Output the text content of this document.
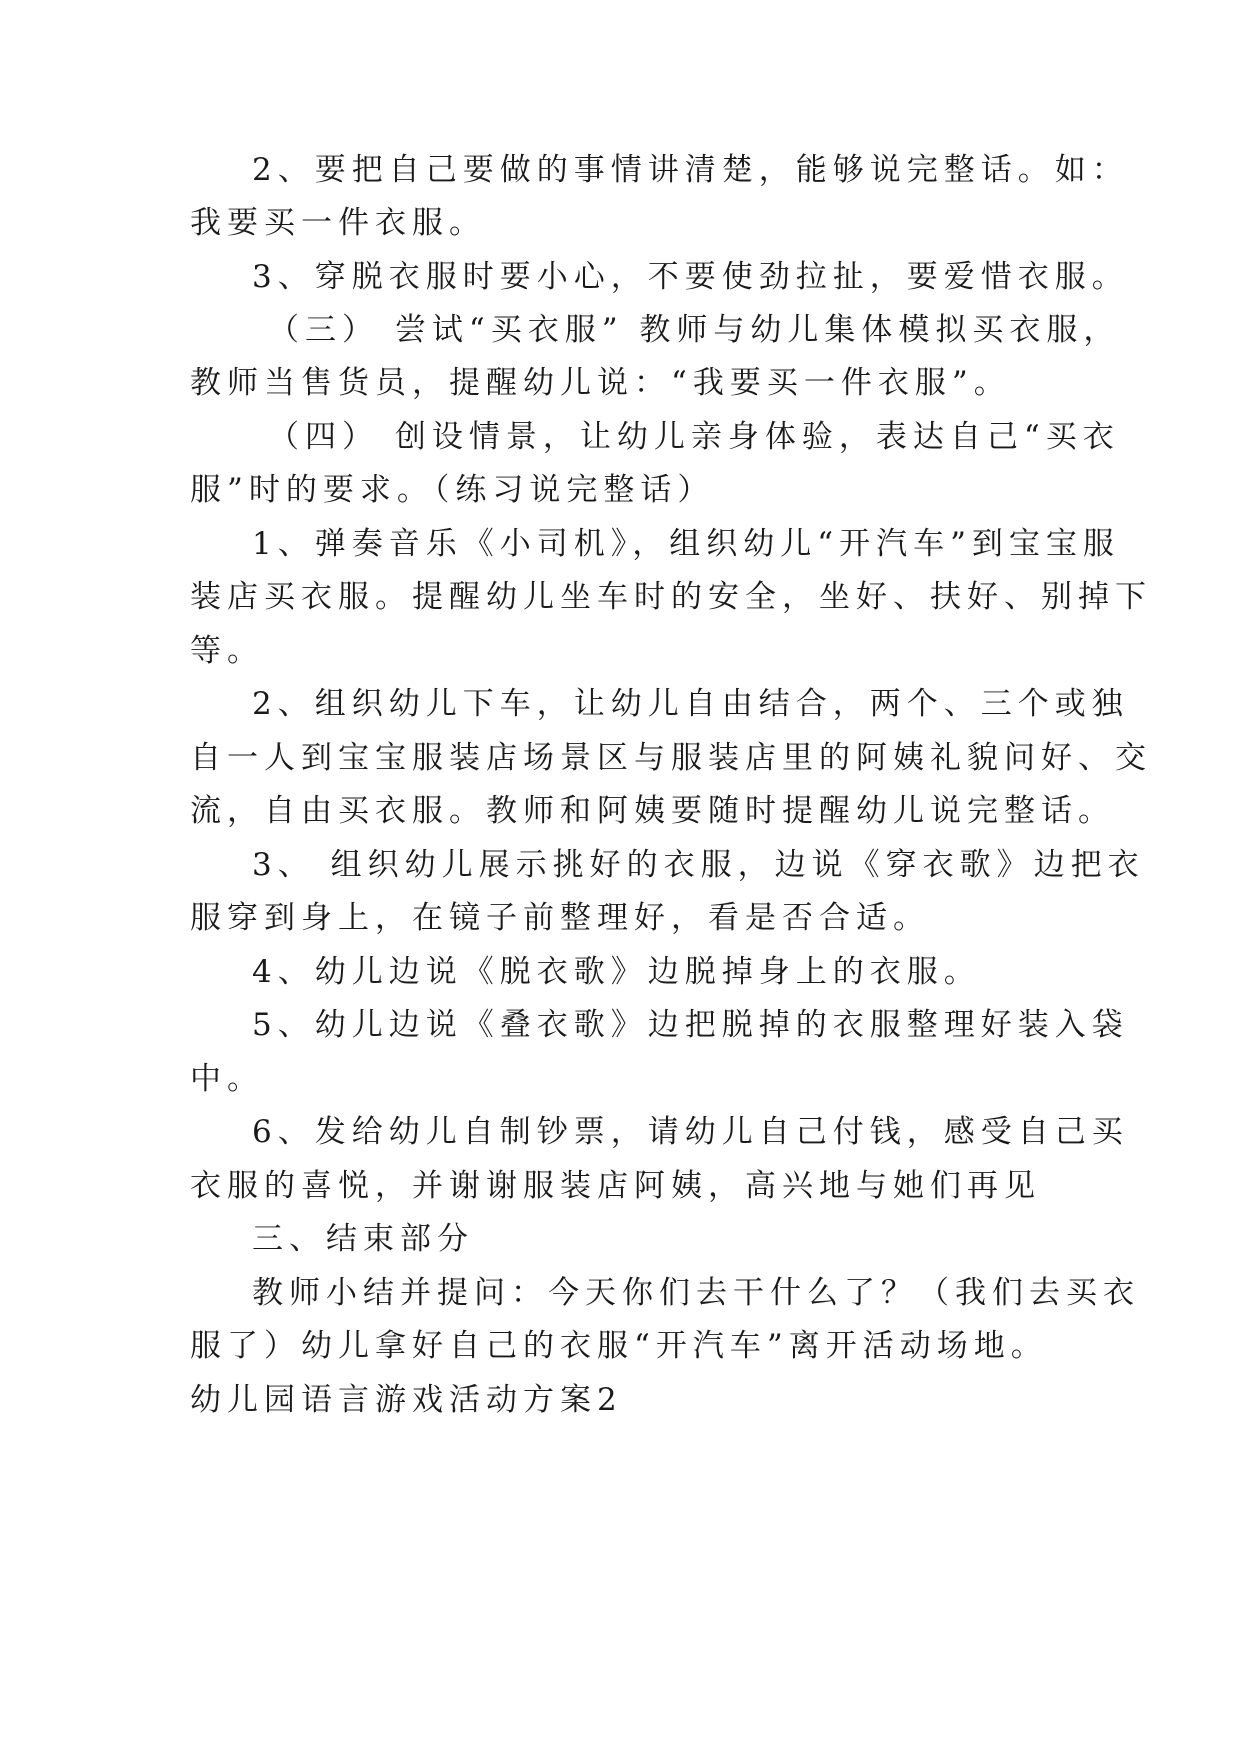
2、要把自己要做的事情讲清楚，能够说完整话。如：
我要买一件衣服。
3、穿脱衣服时要小心，不要使劲拉扯，要爱惜衣服。
（三） 尝试“买衣服” 教师与幼儿集体模拟买衣服，
教师当售货员，提醒幼儿说：“我要买一件衣服”。
（四） 创设情景，让幼儿亲身体验，表达自己“买衣
服”时的要求。（练习说完整话）
1、弹奏音乐《小司机》，组织幼儿“开汽车”到宝宝服
装店买衣服。提醒幼儿坐车时的安全，坐好、扶好、别掉下
等。
2、组织幼儿下车，让幼儿自由结合，两个、三个或独
自一人到宝宝服装店场景区与服装店里的阿姨礼貌问好、交
流，自由买衣服。教师和阿姨要随时提醒幼儿说完整话。
3、 组织幼儿展示挑好的衣服，边说《穿衣歌》边把衣
服穿到身上，在镜子前整理好，看是否合适。
4、幼儿边说《脱衣歌》边脱掉身上的衣服。
5、幼儿边说《叠衣歌》边把脱掉的衣服整理好装入袋
中。
6、发给幼儿自制钞票，请幼儿自己付钱，感受自己买
衣服的喜悦，并谢谢服装店阿姨，高兴地与她们再见
三、结束部分
教师小结并提问：今天你们去干什么了？（我们去买衣
服了）幼儿拿好自己的衣服“开汽车”离开活动场地。
幼儿园语言游戏活动方案2
